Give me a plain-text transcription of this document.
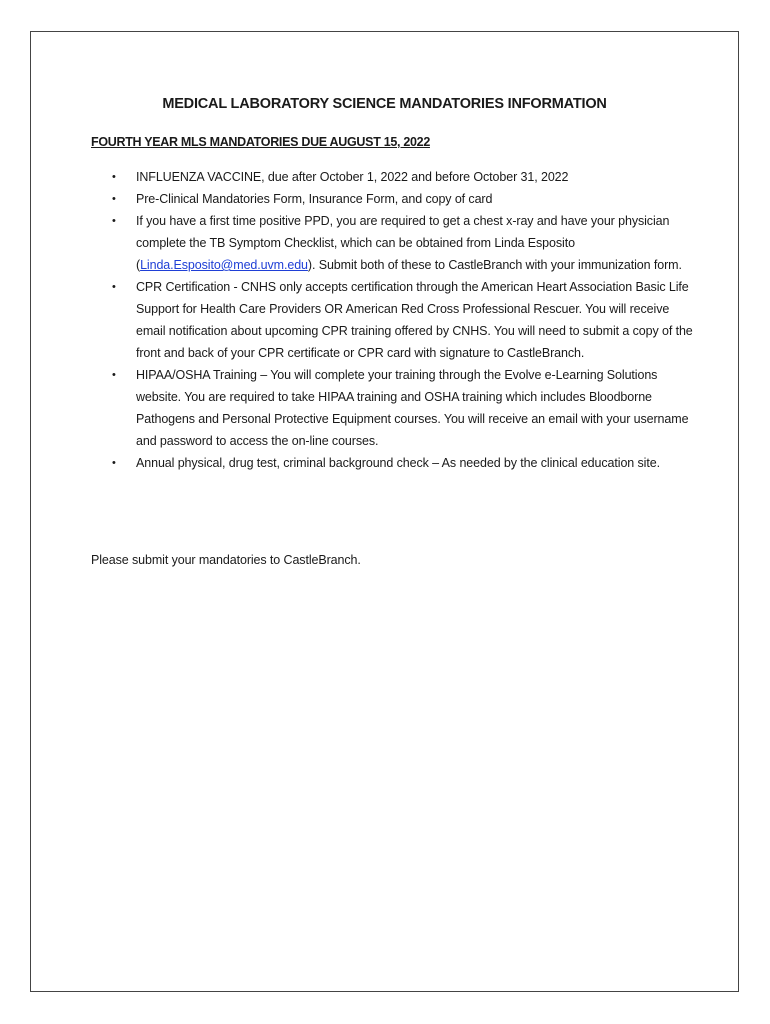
MEDICAL LABORATORY SCIENCE MANDATORIES INFORMATION
FOURTH YEAR MLS MANDATORIES DUE AUGUST 15, 2022
• INFLUENZA VACCINE, due after October 1, 2022 and before October 31, 2022
• Pre-Clinical Mandatories Form, Insurance Form, and copy of card
• If you have a first time positive PPD, you are required to get a chest x-ray and have your physician complete the TB Symptom Checklist, which can be obtained from Linda Esposito (Linda.Esposito@med.uvm.edu). Submit both of these to CastleBranch with your immunization form.
• CPR Certification - CNHS only accepts certification through the American Heart Association Basic Life Support for Health Care Providers OR American Red Cross Professional Rescuer. You will receive email notification about upcoming CPR training offered by CNHS. You will need to submit a copy of the front and back of your CPR certificate or CPR card with signature to CastleBranch.
• HIPAA/OSHA Training – You will complete your training through the Evolve e-Learning Solutions website. You are required to take HIPAA training and OSHA training which includes Bloodborne Pathogens and Personal Protective Equipment courses. You will receive an email with your username and password to access the on-line courses.
• Annual physical, drug test, criminal background check – As needed by the clinical education site.
Please submit your mandatories to CastleBranch.
